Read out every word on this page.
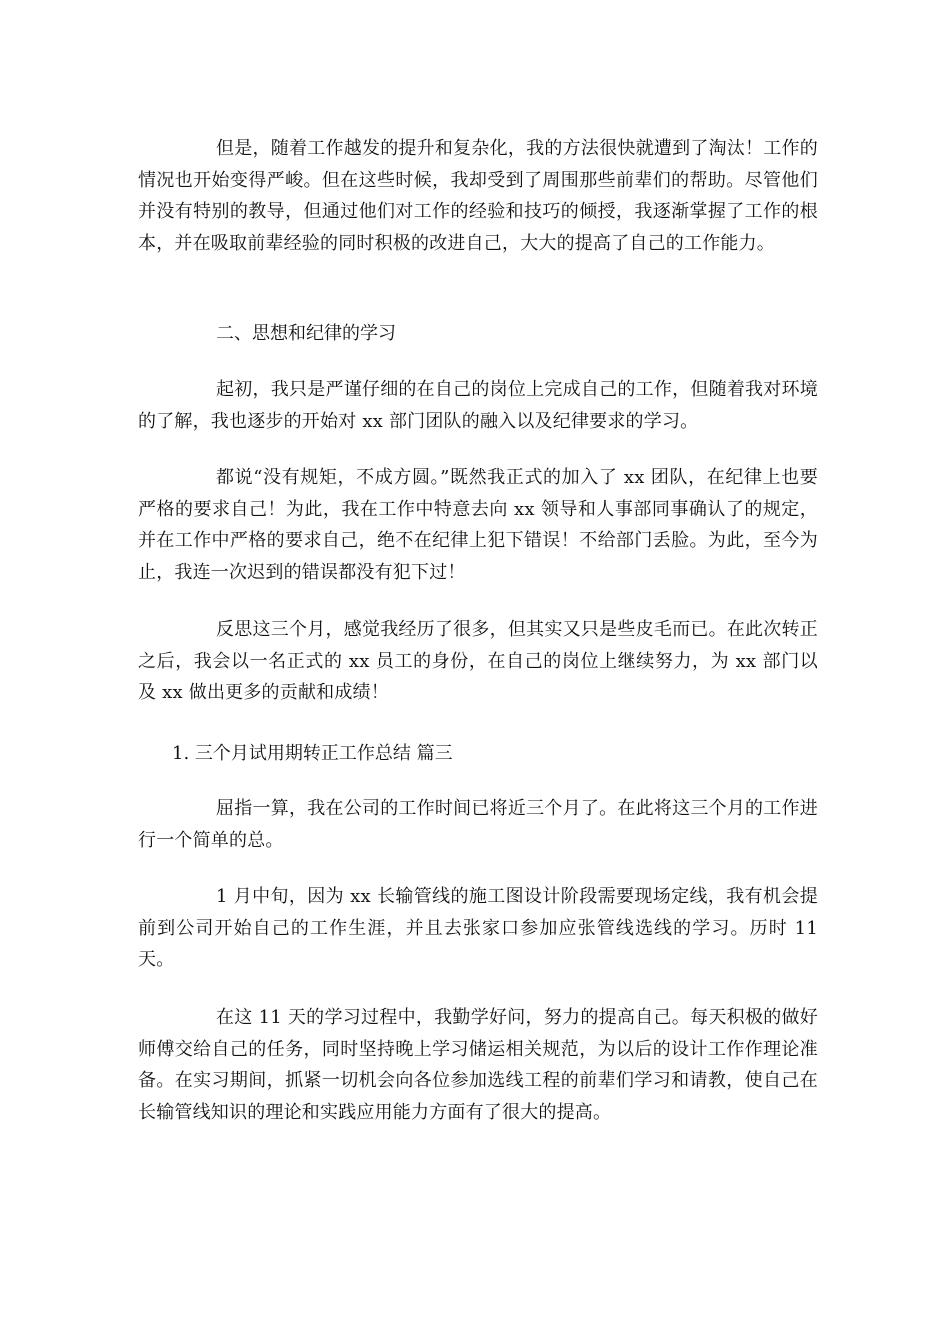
但是，随着工作越发的提升和复杂化，我的方法很快就遭到了淘汰！工作的情况也开始变得严峻。但在这些时候，我却受到了周围那些前辈们的帮助。尽管他们并没有特别的教导，但通过他们对工作的经验和技巧的倾授，我逐渐掌握了工作的根本，并在吸取前辈经验的同时积极的改进自己，大大的提高了自己的工作能力。

二、思想和纪律的学习

起初，我只是严谨仔细的在自己的岗位上完成自己的工作，但随着我对环境的了解，我也逐步的开始对 xx 部门团队的融入以及纪律要求的学习。

都说“没有规矩，不成方圆。”既然我正式的加入了 xx 团队，在纪律上也要严格的要求自己！为此，我在工作中特意去向 xx 领导和人事部同事确认了的规定，并在工作中严格的要求自己，绝不在纪律上犯下错误！不给部门丢脸。为此，至今为止，我连一次迟到的错误都没有犯下过！

反思这三个月，感觉我经历了很多，但其实又只是些皮毛而已。在此次转正之后，我会以一名正式的 xx 员工的身份，在自己的岗位上继续努力，为 xx 部门以及 xx 做出更多的贡献和成绩！

1. 三个月试用期转正工作总结 篇三

屈指一算，我在公司的工作时间已将近三个月了。在此将这三个月的工作进行一个简单的总。

1 月中旬，因为 xx 长输管线的施工图设计阶段需要现场定线，我有机会提前到公司开始自己的工作生涯，并且去张家口参加应张管线选线的学习。历时 11 天。

在这 11 天的学习过程中，我勤学好问，努力的提高自己。每天积极的做好师傅交给自己的任务，同时坚持晚上学习储运相关规范，为以后的设计工作作理论准备。在实习期间，抓紧一切机会向各位参加选线工程的前辈们学习和请教，使自己在长输管线知识的理论和实践应用能力方面有了很大的提高。
